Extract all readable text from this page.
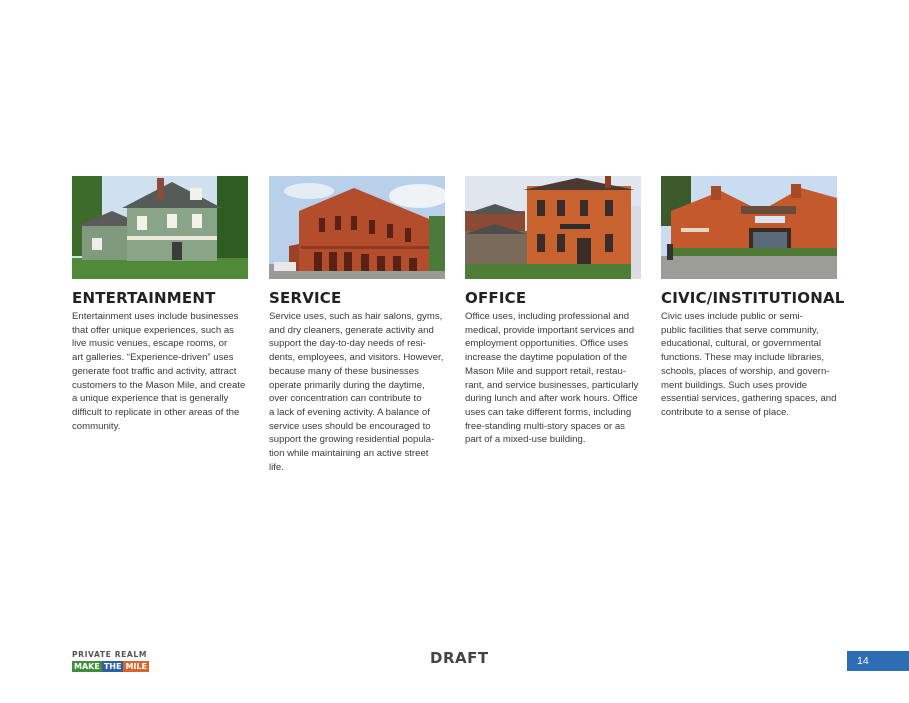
ENTERTAINMENT

Entertainment uses include businesses
that offer unique experiences, such as
live music venues, escape rooms, or
art galleries. “Experience-driven” uses
generate foot traffic and activity, attract
customers to the Mason Mile, and create
a unique experience that is generally
difficult to replicate in other areas of the
community.

SERVICE

Service uses, such as hair salons, gyms,
and dry cleaners, generate activity and
support the day-to-day needs of resi-
dents, employees, and visitors. However,
because many of these businesses
operate primarily during the daytime,
over concentration can contribute to
a lack of evening activity. A balance of
service uses should be encouraged to
support the growing residential popula-
tion while maintaining an active street
life.

OFFICE

Office uses, including professional and
medical, provide important services and
employment opportunities. Office uses
increase the daytime population of the
Mason Mile and support retail, restau-
rant, and service businesses, particularly
during lunch and after work hours. Office
uses can take different forms, including
free-standing multi-story spaces or as
part of a mixed-use building.

CIVIC/INSTITUTIONAL

Civic uses include public or semi-
public facilities that serve community,
educational, cultural, or governmental
functions. These may include libraries,
schools, places of worship, and govern-
ment buildings. Such uses provide
essential services, gathering spaces, and
contribute to a sense of place.

PRIVATE REALM
MAKE THE MILE	DRAFT	14
